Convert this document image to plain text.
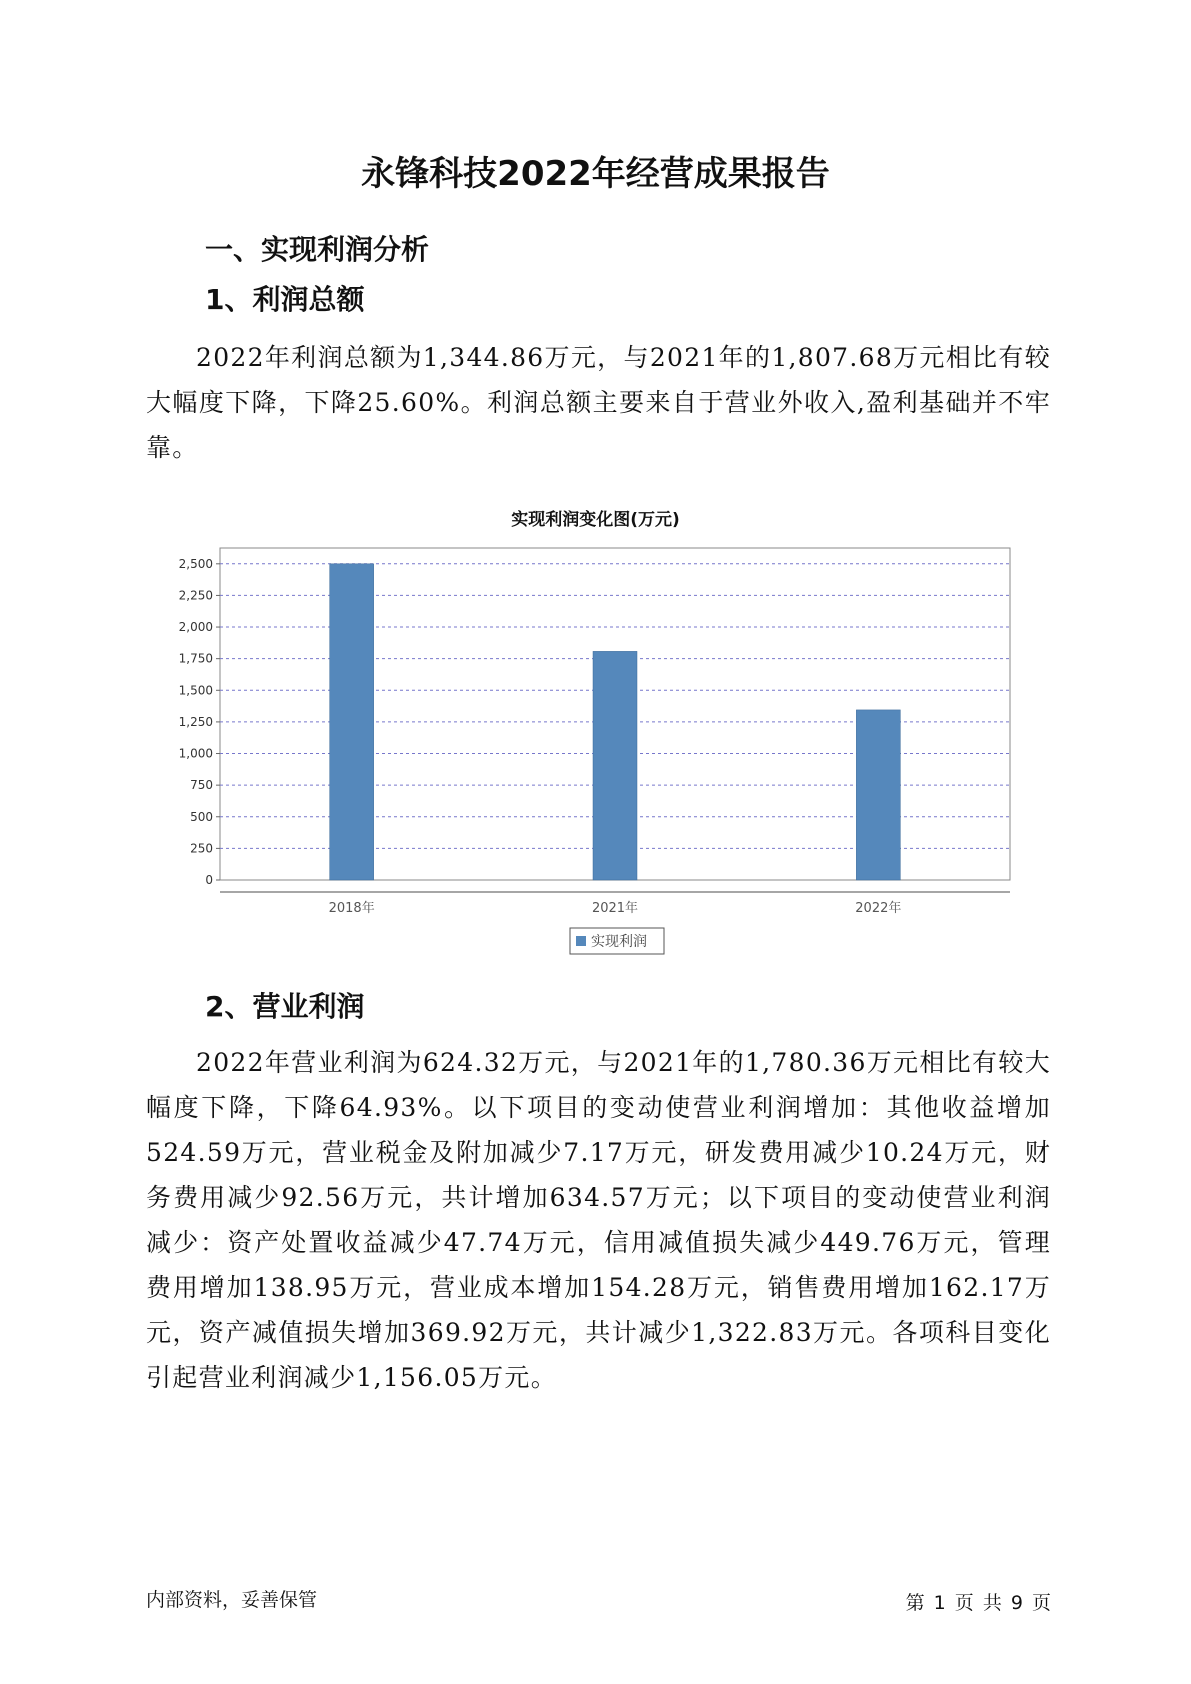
永锋科技2022年经营成果报告
一、实现利润分析
1、利润总额

2022年利润总额为1,344.86万元，与2021年的1,807.68万元相比有较大幅度下降，下降25.60%。利润总额主要来自于营业外收入,盈利基础并不牢靠。

实现利润变化图(万元)
0
250
500
750
1,000
1,250
1,500
1,750
2,000
2,250
2,500
2018年	2021年	2022年
实现利润
2、营业利润

2022年营业利润为624.32万元，与2021年的1,780.36万元相比有较大幅度下降，下降64.93%。以下项目的变动使营业利润增加：其他收益增加524.59万元，营业税金及附加减少7.17万元，研发费用减少10.24万元，财务费用减少92.56万元，共计增加634.57万元；以下项目的变动使营业利润减少：资产处置收益减少47.74万元，信用减值损失减少449.76万元，管理费用增加138.95万元，营业成本增加154.28万元，销售费用增加162.17万元，资产减值损失增加369.92万元，共计减少1,322.83万元。各项科目变化引起营业利润减少1,156.05万元。

内部资料，妥善保管	第 1 页 共 9 页
